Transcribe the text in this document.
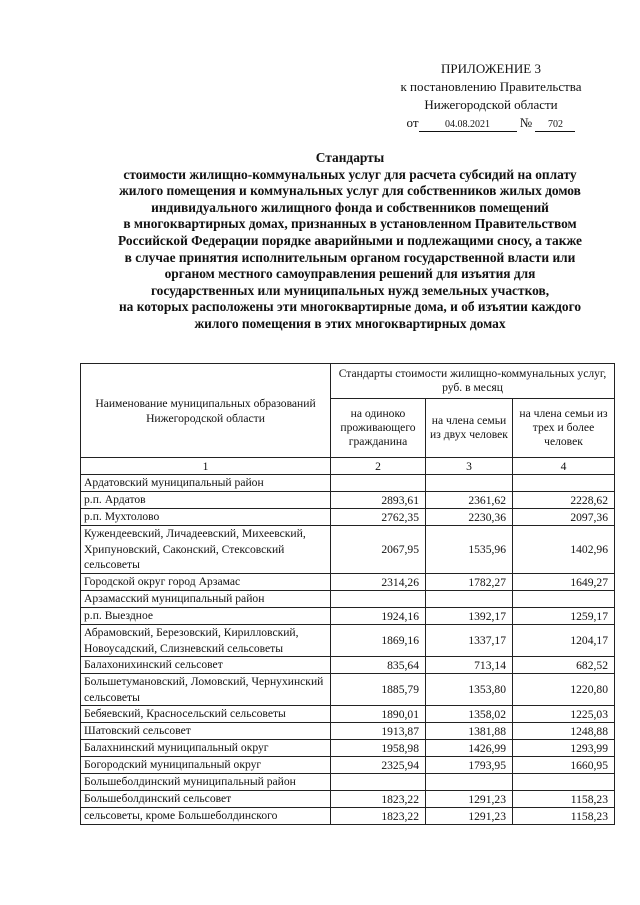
ПРИЛОЖЕНИЕ 3
к постановлению Правительства
Нижегородской области
от	04.08.2021 № 702
Стандарты
стоимости жилищно-коммунальных услуг для расчета субсидий на оплату
жилого помещения и коммунальных услуг для собственников жилых домов
индивидуального жилищного фонда и собственников помещений
в многоквартирных домах, признанных в установленном Правительством
Российской Федерации порядке аварийными и подлежащими сносу, а также
в случае принятия исполнительным органом государственной власти или
органом местного самоуправления решений для изъятия для
государственных или муниципальных нужд земельных участков,
на которых расположены эти многоквартирные дома, и об изъятии каждого
жилого помещения в этих многоквартирных домах
Наименование муниципальных образований Нижегородской области	Стандарты стоимости жилищно-коммунальных услуг, руб. в месяц		
	на одиноко проживающего гражданина	на члена семьи из двух человек	на члена семьи из трех и более человек
1	2	3	4
Ардатовский муниципальный район			
р.п. Ардатов	2893,61	2361,62	2228,62
р.п. Мухтолово	2762,35	2230,36	2097,36
Кужендеевский, Личадеевский, Михеевский, Хрипуновский, Саконский, Стексовский сельсоветы	2067,95	1535,96	1402,96
Городской округ город Арзамас	2314,26	1782,27	1649,27
Арзамасский муниципальный район			
р.п. Выездное	1924,16	1392,17	1259,17
Абрамовский, Березовский, Кирилловский, Новоусадский, Слизневский сельсоветы	1869,16	1337,17	1204,17
Балахонихинский сельсовет	835,64	713,14	682,52
Большетумановский, Ломовский, Чернухинский сельсоветы	1885,79	1353,80	1220,80
Бебяевский, Красносельский сельсоветы	1890,01	1358,02	1225,03
Шатовский сельсовет	1913,87	1381,88	1248,88
Балахнинский муниципальный округ	1958,98	1426,99	1293,99
Богородский муниципальный округ	2325,94	1793,95	1660,95
Большеболдинский муниципальный район			
Большеболдинский сельсовет	1823,22	1291,23	1158,23
сельсоветы, кроме Большеболдинского	1823,22	1291,23	1158,23
